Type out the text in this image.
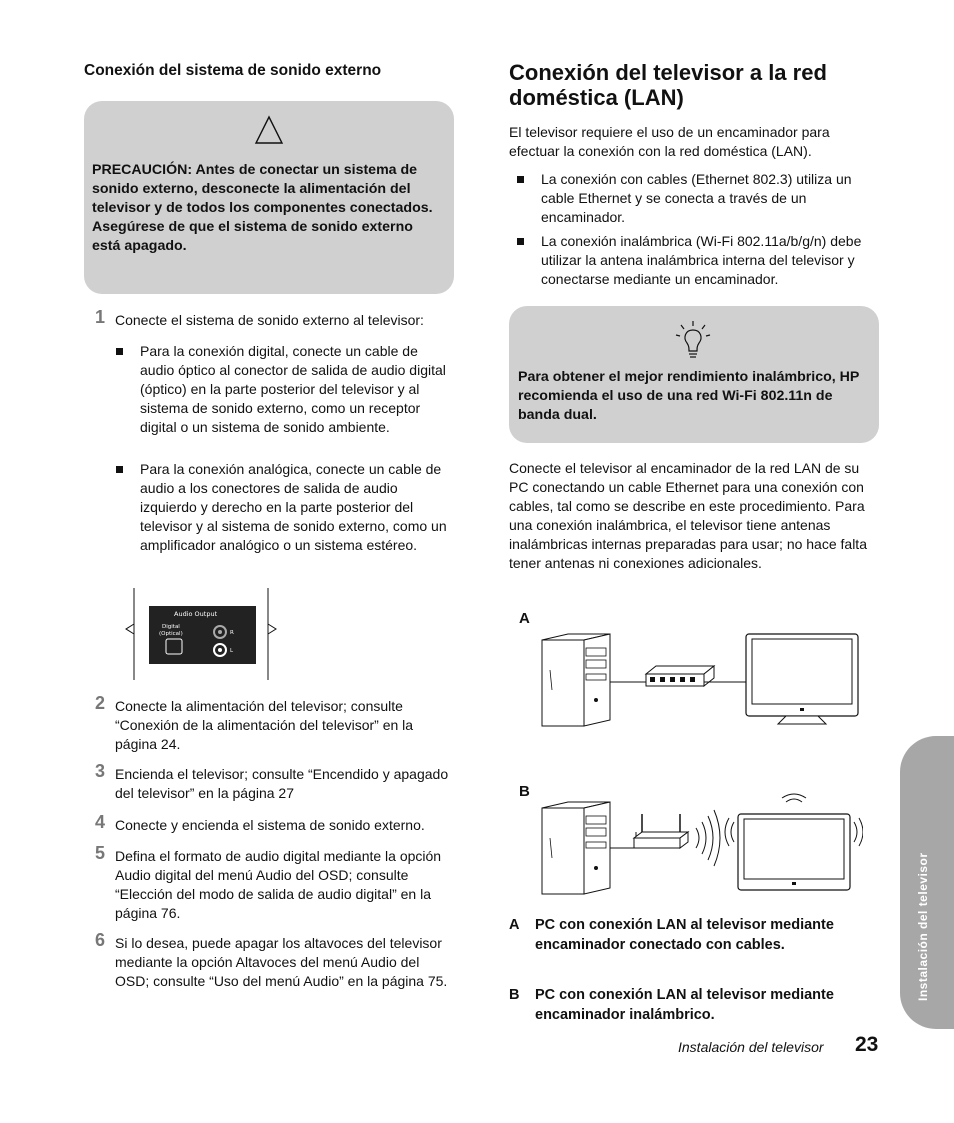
Conexión del sistema de sonido externo
PRECAUCIÓN: Antes de conectar un sistema de sonido externo, desconecte la alimentación del televisor y de todos los componentes conectados. Asegúrese de que el sistema de sonido externo está apagado.
1 Conecte el sistema de sonido externo al televisor:
Para la conexión digital, conecte un cable de audio óptico al conector de salida de audio digital (óptico) en la parte posterior del televisor y al sistema de sonido externo, como un receptor digital o un sistema de sonido ambiente.
Para la conexión analógica, conecte un cable de audio a los conectores de salida de audio izquierdo y derecho en la parte posterior del televisor y al sistema de sonido externo, como un amplificador analógico o un sistema estéreo.
Audio Output
Digital
(Optical)	R
L
2 Conecte la alimentación del televisor; consulte “Conexión de la alimentación del televisor” en la página 24.
3 Encienda el televisor; consulte “Encendido y apagado del televisor” en la página 27
4 Conecte y encienda el sistema de sonido externo.
5 Defina el formato de audio digital mediante la opción Audio digital del menú Audio del OSD; consulte “Elección del modo de salida de audio digital” en la página 76.
6 Si lo desea, puede apagar los altavoces del televisor mediante la opción Altavoces del menú Audio del OSD; consulte “Uso del menú Audio” en la página 75.
Conexión del televisor a la red doméstica (LAN)
El televisor requiere el uso de un encaminador para efectuar la conexión con la red doméstica (LAN).
La conexión con cables (Ethernet 802.3) utiliza un cable Ethernet y se conecta a través de un encaminador.
La conexión inalámbrica (Wi-Fi 802.11a/b/g/n) debe utilizar la antena inalámbrica interna del televisor y conectarse mediante un encaminador.
Para obtener el mejor rendimiento inalámbrico, HP recomienda el uso de una red Wi-Fi 802.11n de banda dual.
Conecte el televisor al encaminador de la red LAN de su PC conectando un cable Ethernet para una conexión con cables, tal como se describe en este procedimiento. Para una conexión inalámbrica, el televisor tiene antenas inalámbricas internas preparadas para usar; no hace falta tener antenas ni conexiones adicionales.
A
B
A PC con conexión LAN al televisor mediante encaminador conectado con cables.
B PC con conexión LAN al televisor mediante encaminador inalámbrico.
Instalación del televisor
Instalación del televisor 23
